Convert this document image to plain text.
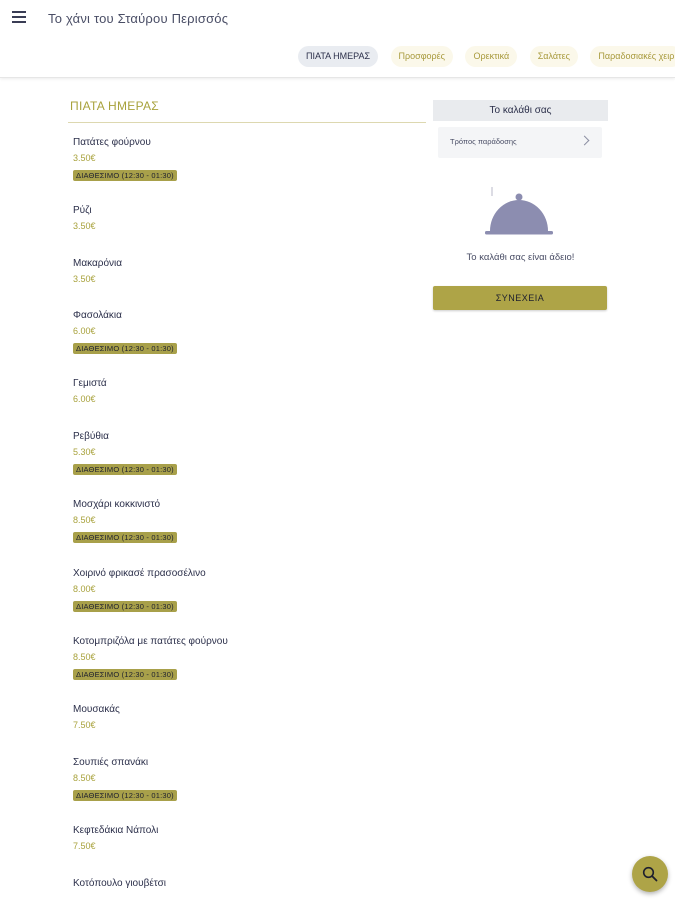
Το χάνι του Σταύρου Περισσός
ΠΙΑΤΑ ΗΜΕΡΑΣ	Προσφορές	Ορεκτικά	Σαλάτες	Παραδοσιακές χειρ
ΠΙΑΤΑ ΗΜΕΡΑΣ
Πατάτες φούρνου
3.50€
ΔΙΑΘΕΣΙΜΟ (12:30 - 01:30)
Ρύζι
3.50€
Μακαρόνια
3.50€
Φασολάκια
6.00€
ΔΙΑΘΕΣΙΜΟ (12:30 - 01:30)
Γεμιστά
6.00€
Ρεβύθια
5.30€
ΔΙΑΘΕΣΙΜΟ (12:30 - 01:30)
Μοσχάρι κοκκινιστό
8.50€
ΔΙΑΘΕΣΙΜΟ (12:30 - 01:30)
Χοιρινό φρικασέ πρασοσέλινο
8.00€
ΔΙΑΘΕΣΙΜΟ (12:30 - 01:30)
Κοτομπριζόλα με πατάτες φούρνου
8.50€
ΔΙΑΘΕΣΙΜΟ (12:30 - 01:30)
Μουσακάς
7.50€
Σουπιές σπανάκι
8.50€
ΔΙΑΘΕΣΙΜΟ (12:30 - 01:30)
Κεφτεδάκια Νάπολι
7.50€
Κοτόπουλο γιουβέτσι
Το καλάθι σας
Τρόπος παράδοσης
Το καλάθι σας είναι άδειο!
ΣΥΝΕΧΕΙΑ
